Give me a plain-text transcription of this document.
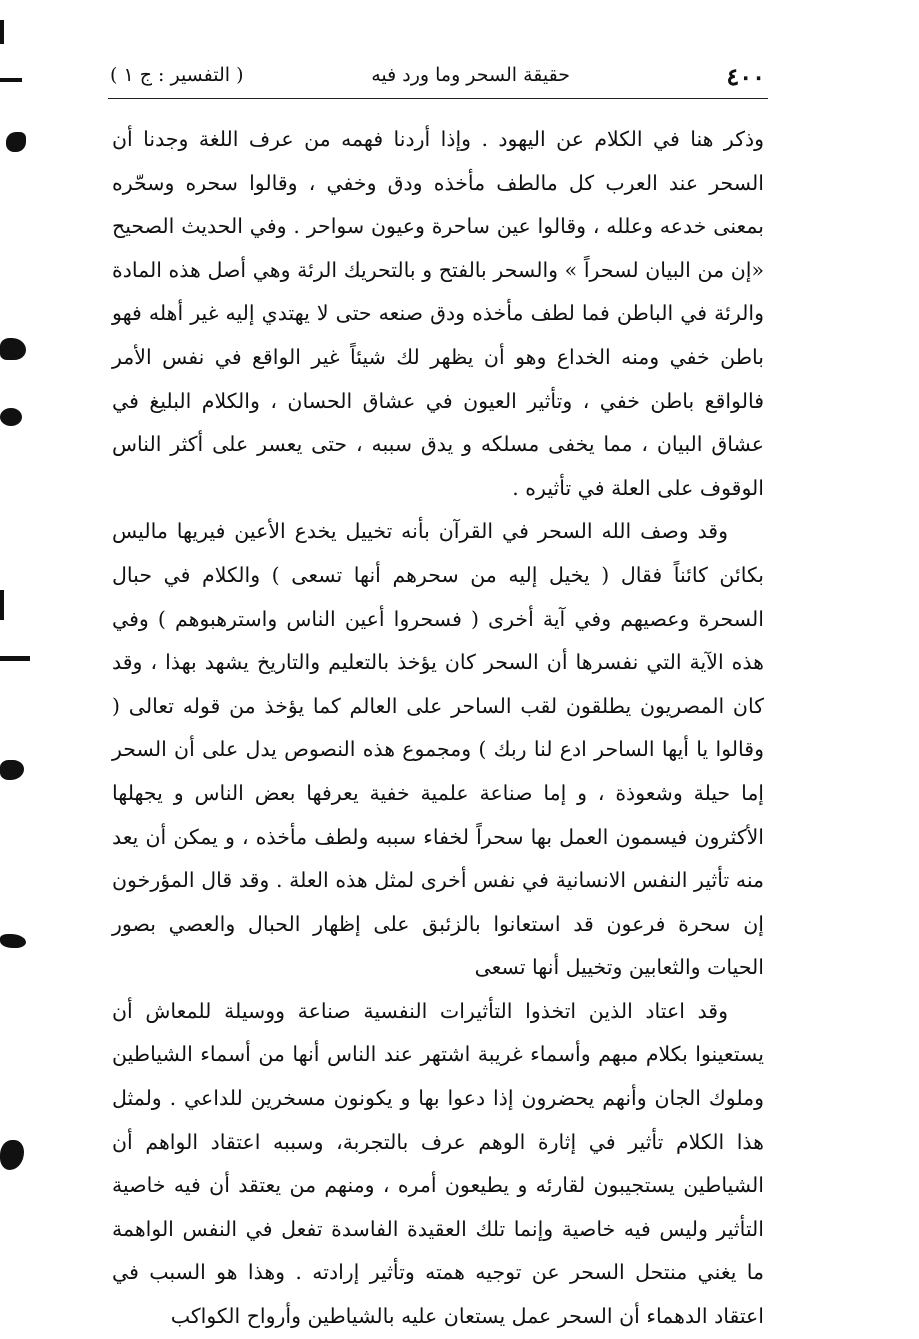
٤٠٠
حقيقة السحر وما ورد فيه
( التفسير : ج ١ )

وذكر هنا في الكلام عن اليهود . وإذا أردنا فهمه من عرف اللغة وجدنا أن السحر عند العرب كل مالطف مأخذه ودق وخفي ، وقالوا سحره وسحّره بمعنى خدعه وعلله ، وقالوا عين ساحرة وعيون سواحر . وفي الحديث الصحيح «إن من البيان لسحراً » والسحر بالفتح و بالتحريك الرئة وهي أصل هذه المادة والرئة في الباطن فما لطف مأخذه ودق صنعه حتى لا يهتدي إليه غير أهله فهو باطن خفي ومنه الخداع وهو أن يظهر لك شيئاً غير الواقع في نفس الأمر فالواقع باطن خفي ، وتأثير العيون في عشاق الحسان ، والكلام البليغ في عشاق البيان ، مما يخفى مسلكه و يدق سببه ، حتى يعسر على أكثر الناس الوقوف على العلة في تأثيره .

وقد وصف الله السحر في القرآن بأنه تخييل يخدع الأعين فيريها ماليس بكائن كائناً فقال ( يخيل إليه من سحرهم أنها تسعى ) والكلام في حبال السحرة وعصيهم وفي آية أخرى ( فسحروا أعين الناس واسترهبوهم ) وفي هذه الآية التي نفسرها أن السحر كان يؤخذ بالتعليم والتاريخ يشهد بهذا ، وقد كان المصريون يطلقون لقب الساحر على العالم كما يؤخذ من قوله تعالى ( وقالوا يا أيها الساحر ادع لنا ربك ) ومجموع هذه النصوص يدل على أن السحر إما حيلة وشعوذة ، و إما صناعة علمية خفية يعرفها بعض الناس و يجهلها الأكثرون فيسمون العمل بها سحراً لخفاء سببه ولطف مأخذه ، و يمكن أن يعد منه تأثير النفس الانسانية في نفس أخرى لمثل هذه العلة . وقد قال المؤرخون إن سحرة فرعون قد استعانوا بالزئبق على إظهار الحبال والعصي بصور الحيات والثعابين وتخييل أنها تسعى

وقد اعتاد الذين اتخذوا التأثيرات النفسية صناعة ووسيلة للمعاش أن يستعينوا بكلام مبهم وأسماء غريبة اشتهر عند الناس أنها من أسماء الشياطين وملوك الجان وأنهم يحضرون إذا دعوا بها و يكونون مسخرين للداعي . ولمثل هذا الكلام تأثير في إثارة الوهم عرف بالتجربة، وسببه اعتقاد الواهم أن الشياطين يستجيبون لقارئه و يطيعون أمره ، ومنهم من يعتقد أن فيه خاصية التأثير وليس فيه خاصية وإنما تلك العقيدة الفاسدة تفعل في النفس الواهمة ما يغني منتحل السحر عن توجيه همته وتأثير إرادته . وهذا هو السبب في اعتقاد الدهماء أن السحر عمل يستعان عليه بالشياطين وأرواح الكواكب
